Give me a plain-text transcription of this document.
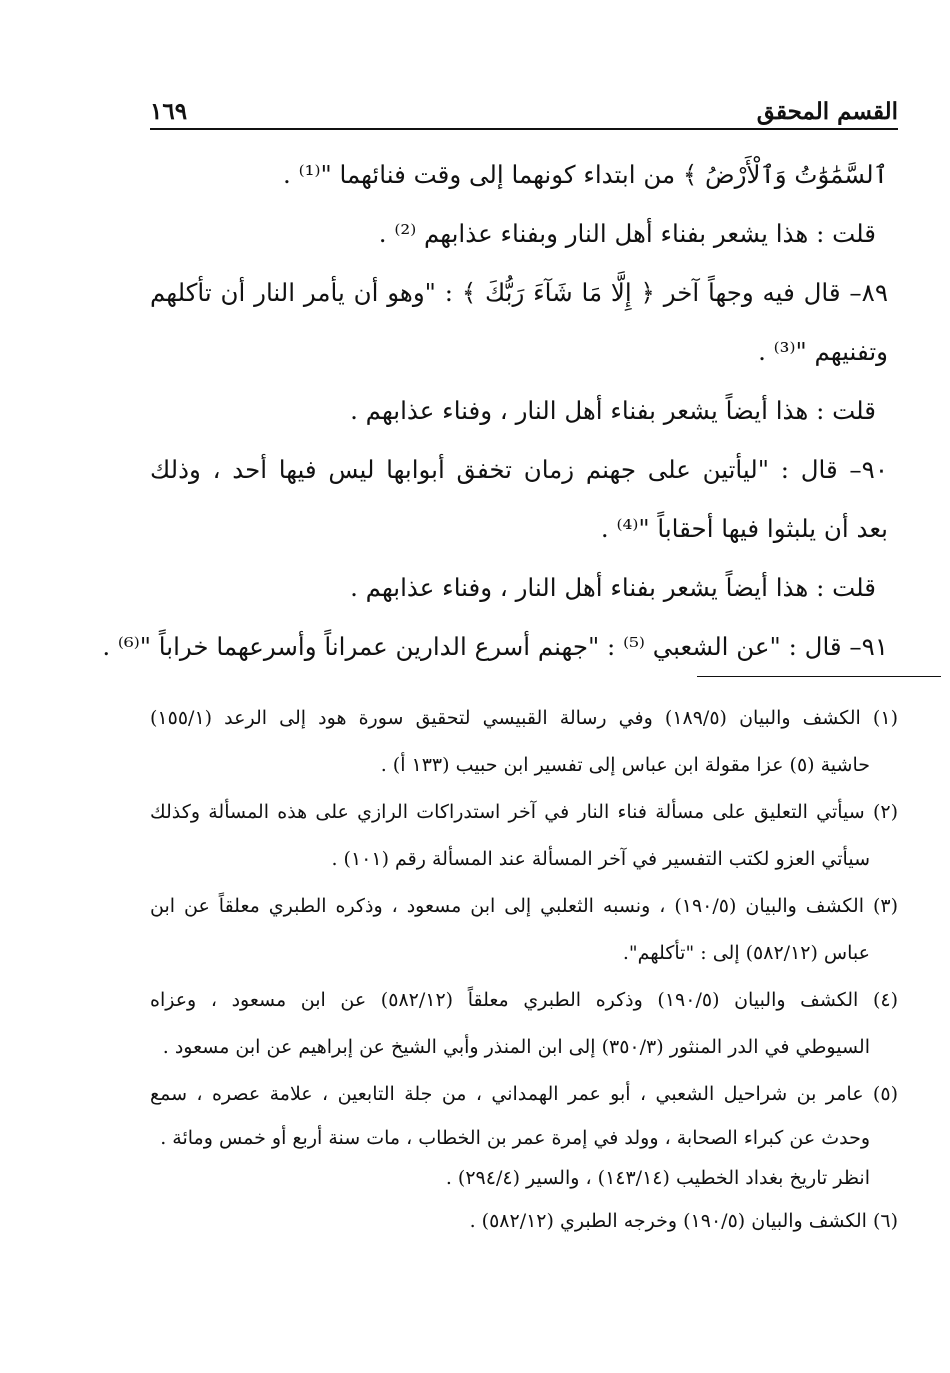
القسم المحقق
١٦٩

ٱلسَّمَٰوَٰتُ وَٱلْأَرْضُ ﴾ من ابتداء كونهما إلى وقت فنائهما "⁽¹⁾ .

قلت : هذا يشعر بفناء أهل النار وبفناء عذابهم ⁽²⁾ .

٨٩– قال فيه وجهاً آخر ﴿ إِلَّا مَا شَآءَ رَبُّكَ ﴾ : "وهو أن يأمر النار أن تأكلهم

وتفنيهم "⁽³⁾ .

قلت : هذا أيضاً يشعر بفناء أهل النار ، وفناء عذابهم .

٩٠– قال : "ليأتين على جهنم زمان تخفق أبوابها ليس فيها أحد ، وذلك

بعد أن يلبثوا فيها أحقاباً "⁽⁴⁾ .

قلت : هذا أيضاً يشعر بفناء أهل النار ، وفناء عذابهم .

٩١– قال : "عن الشعبي ⁽⁵⁾ : "جهنم أسرع الدارين عمراناً وأسرعهما خراباً "⁽⁶⁾ .

(١) الكشف والبيان (١٨٩/٥) وفي رسالة القبيسي لتحقيق سورة هود إلى الرعد (١٥٥/١)

حاشية (٥) عزا مقولة ابن عباس إلى تفسير ابن حبيب (١٣٣ أ) .

(٢) سيأتي التعليق على مسألة فناء النار في آخر استدراكات الرازي على هذه المسألة وكذلك

سيأتي العزو لكتب التفسير في آخر المسألة عند المسألة رقم (١٠١) .

(٣) الكشف والبيان (١٩٠/٥) ، ونسبه الثعلبي إلى ابن مسعود ، وذكره الطبري معلقاً عن ابن

عباس (٥٨٢/١٢) إلى : "تأكلهم".

(٤) الكشف والبيان (١٩٠/٥) وذكره الطبري معلقاً (٥٨٢/١٢) عن ابن مسعود ، وعزاه

السيوطي في الدر المنثور (٣٥٠/٣) إلى ابن المنذر وأبي الشيخ عن إبراهيم عن ابن مسعود .

(٥) عامر بن شراحيل الشعبي ، أبو عمر الهمداني ، من جلة التابعين ، علامة عصره ، سمع

وحدث عن كبراء الصحابة ، وولد في إمرة عمر بن الخطاب ، مات سنة أربع أو خمس ومائة .

انظر تاريخ بغداد الخطيب (١٤٣/١٤) ، والسير (٢٩٤/٤) .

(٦) الكشف والبيان (١٩٠/٥) وخرجه الطبري (٥٨٢/١٢) .
